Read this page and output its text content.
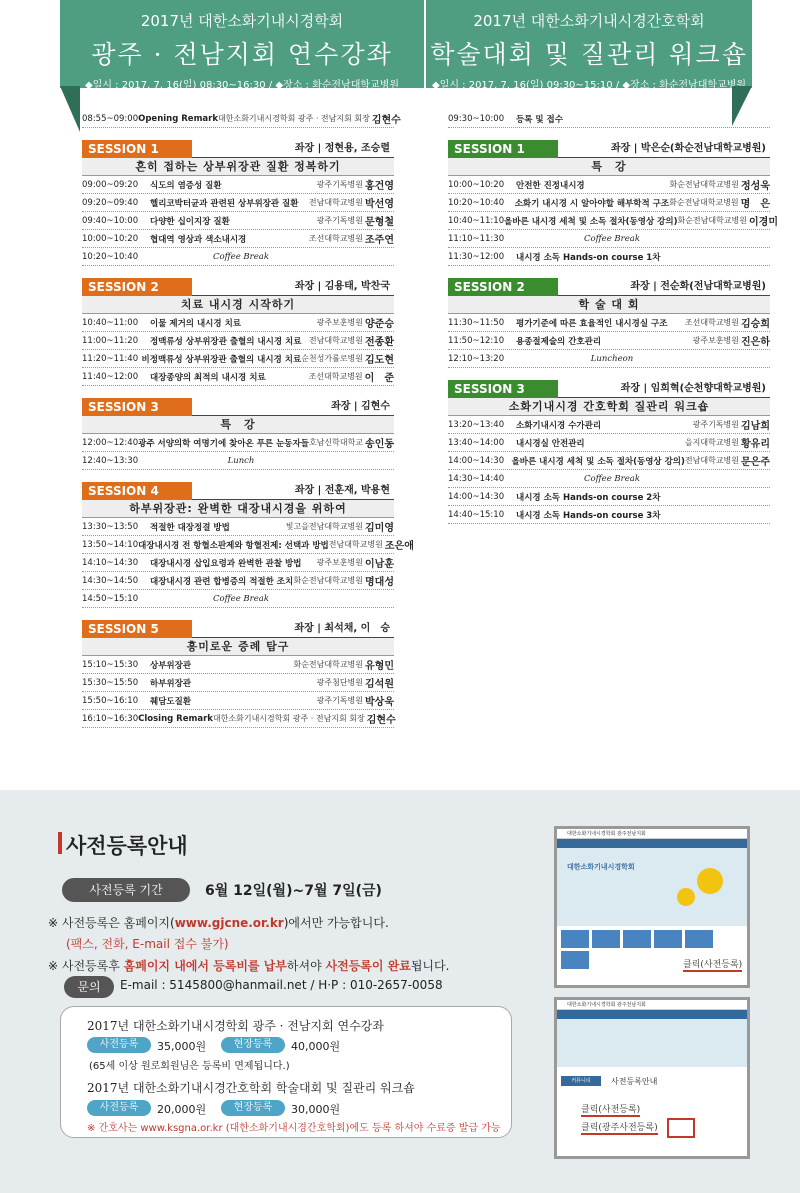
2017년 대한소화기내시경학회
광주 · 전남지회 연수강좌
◆일시 : 2017. 7. 16(일) 08:30~16:30 / ◆장소 : 화순전남대학교병원
2017년 대한소화기내시경간호학회
학술대회 및 질관리 워크숍
◆일시 : 2017. 7. 16(일) 09:30~15:10 / ◆장소 : 화순전남대학교병원
08:55~09:00 Opening Remark 대한소화기내시경학회 광주 · 전남지회 회장 김현수
SESSION 1	좌장 | 정현용, 조승렬
흔히 접하는 상부위장관 질환 정복하기
09:00~09:20	식도의 염증성 질환	광주기독병원 홍건영
09:20~09:40	헬리코박터균과 관련된 상부위장관 질환	전남대학교병원 박선영
09:40~10:00	다양한 십이지장 질환	광주기독병원 문형철
10:00~10:20	협대역 영상과 색소내시경	조선대학교병원 조주연
10:20~10:40	Coffee Break
SESSION 2	좌장 | 김용태, 박찬국
치료 내시경 시작하기
10:40~11:00	이물 제거의 내시경 치료	광주보훈병원 양준승
11:00~11:20	정맥류성 상부위장관 출혈의 내시경 치료 전남대학교병원 전종환
11:20~11:40 비정맥류성 상부위장관 출혈의 내시경 치료 순천성가롤로병원 김도현
11:40~12:00	대장종양의 최적의 내시경 치료	조선대학교병원 이　준
SESSION 3	좌장 | 김현수
특　강
12:00~12:40 광주 서양의학 여명기에 찾아온 푸른 눈동자들 호남신학대학교 송인동
12:40~13:30	Lunch
SESSION 4	좌장 | 전훈재, 박용현
하부위장관: 완벽한 대장내시경을 위하여
13:30~13:50	적절한 대장정결 방법	빛고을전남대학교병원 김미영
13:50~14:10 대장내시경 전 항혈소판제와 항혈전제: 선택과 방법 전남대학교병원 조은애
14:10~14:30	대장내시경 삽입요령과 완벽한 관찰 방법	광주보훈병원 이남훈
14:30~14:50	대장내시경 관련 합병증의 적절한 조치 화순전남대학교병원 명대성
14:50~15:10	Coffee Break
SESSION 5	좌장 | 최석채, 이　승
흥미로운 증례 탐구
15:10~15:30	상부위장관	화순전남대학교병원 유형민
15:30~15:50	하부위장관	광주첨단병원 김석원
15:50~16:10	췌담도질환	광주기독병원 박상욱
16:10~16:30 Closing Remark 대한소화기내시경학회 광주 · 전남지회 회장 김현수
09:30~10:00	등록 및 접수
SESSION 1	좌장 | 박은순(화순전남대학교병원)
특　강
10:00~10:20	안전한 진정내시경	화순전남대학교병원 정성욱
10:20~10:40	소화기 내시경 시 알아야할 해부학적 구조 화순전남대학교병원 명　은
10:40~11:10 올바른 내시경 세척 및 소독 절차(동영상 강의) 화순전남대학교병원 이경미
11:10~11:30	Coffee Break
11:30~12:00	내시경 소독 Hands-on course 1차
SESSION 2	좌장 | 전순화(전남대학교병원)
학 술 대 회
11:30~11:50	평가기준에 따른 효율적인 내시경실 구조	조선대학교병원 김승희
11:50~12:10	용종절제술의 간호관리	광주보훈병원 진은하
12:10~13:20	Luncheon
SESSION 3	좌장 | 임희혁(순천향대학교병원)
소화기내시경 간호학회 질관리 워크숍
13:20~13:40	소화기내시경 수가관리	광주기독병원 김남희
13:40~14:00	내시경실 안전관리	을지대학교병원 황유리
14:00~14:30 올바른 내시경 세척 및 소독 절차(동영상 강의) 전남대학교병원 문은주
14:30~14:40	Coffee Break
14:00~14:30	내시경 소독 Hands-on course 2차
14:40~15:10	내시경 소독 Hands-on course 3차
사전등록안내
사전등록 기간	6월 12일(월)~7월 7일(금)
※ 사전등록은 홈페이지(www.gjcne.or.kr)에서만 가능합니다.
(팩스, 전화, E-mail 접수 불가)
※ 사전등록후 홈페이지 내에서 등록비를 납부하셔야 사전등록이 완료됩니다.
문의	E-mail : 5145800@hanmail.net / H·P : 010-2657-0058
2017년 대한소화기내시경학회 광주 · 전남지회 연수강좌
사전등록	35,000원	현장등록	40,000원
(65세 이상 원로회원님은 등록비 면제됩니다.)
2017년 대한소화기내시경간호학회 학술대회 및 질관리 워크숍
사전등록	20,000원	현장등록	30,000원
※ 간호사는 www.ksgna.or.kr (대한소화기내시경간호학회)에도 등록 하셔야 수료증 발급 가능
대한소화기내시경학회 광주전남지회
대한소화기내시경학회
클릭(사전등록)
대한소화기내시경학회 광주전남지회
커뮤니티	사전등록안내
클릭(사전등록)
클릭(광주사전등록)
